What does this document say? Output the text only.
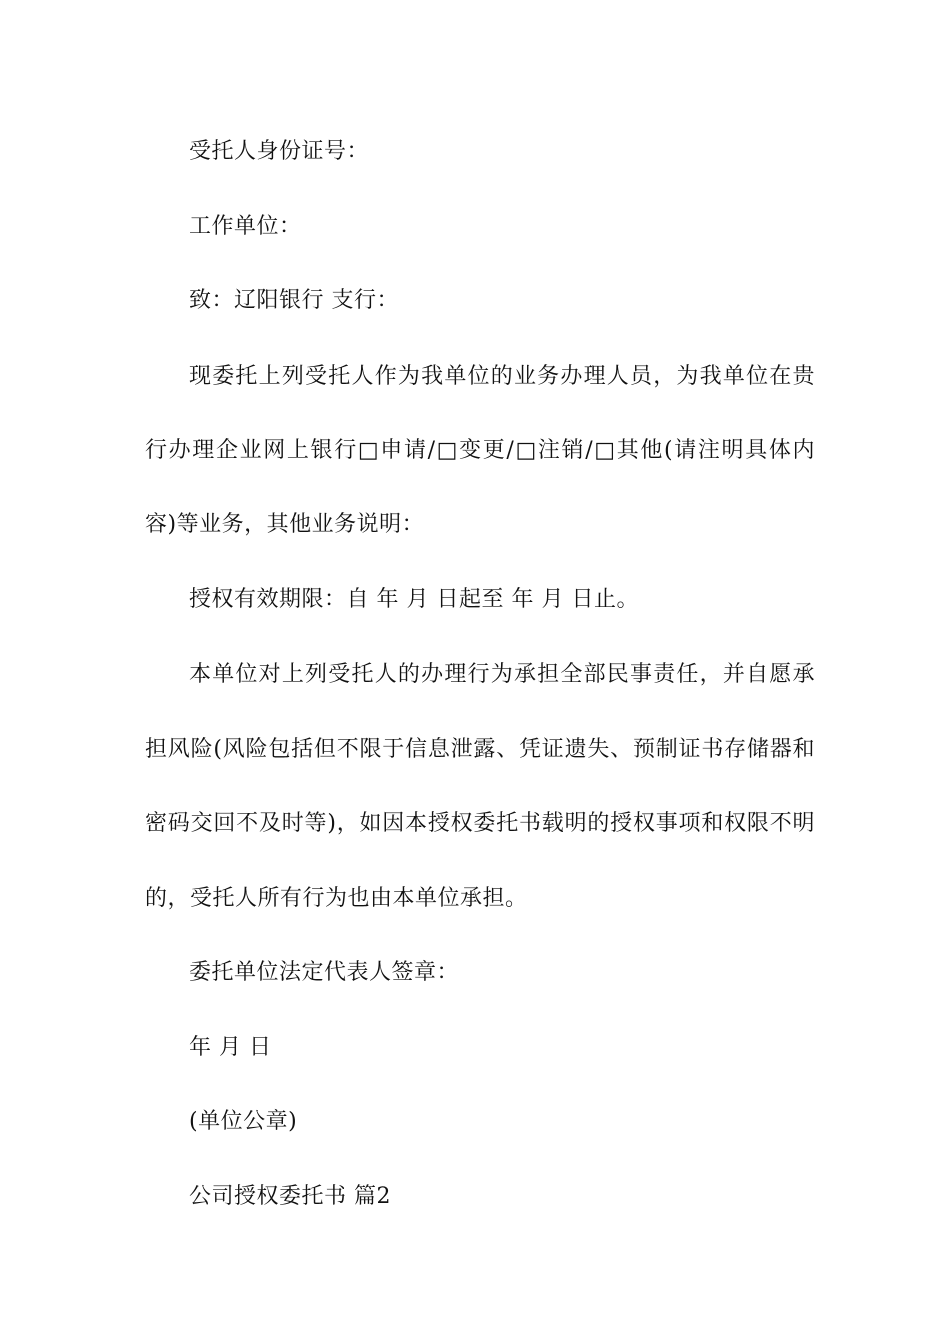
受托人身份证号：
工作单位：
致：辽阳银行 支行：
现委托上列受托人作为我单位的业务办理人员，为我单位在贵
行办理企业网上银行□申请/□变更/□注销/□其他(请注明具体内
容)等业务，其他业务说明：
授权有效期限：自 年 月 日起至 年 月 日止。
本单位对上列受托人的办理行为承担全部民事责任，并自愿承
担风险(风险包括但不限于信息泄露、凭证遗失、预制证书存储器和
密码交回不及时等)，如因本授权委托书载明的授权事项和权限不明
的，受托人所有行为也由本单位承担。
委托单位法定代表人签章：
年 月 日
(单位公章)
公司授权委托书 篇2
